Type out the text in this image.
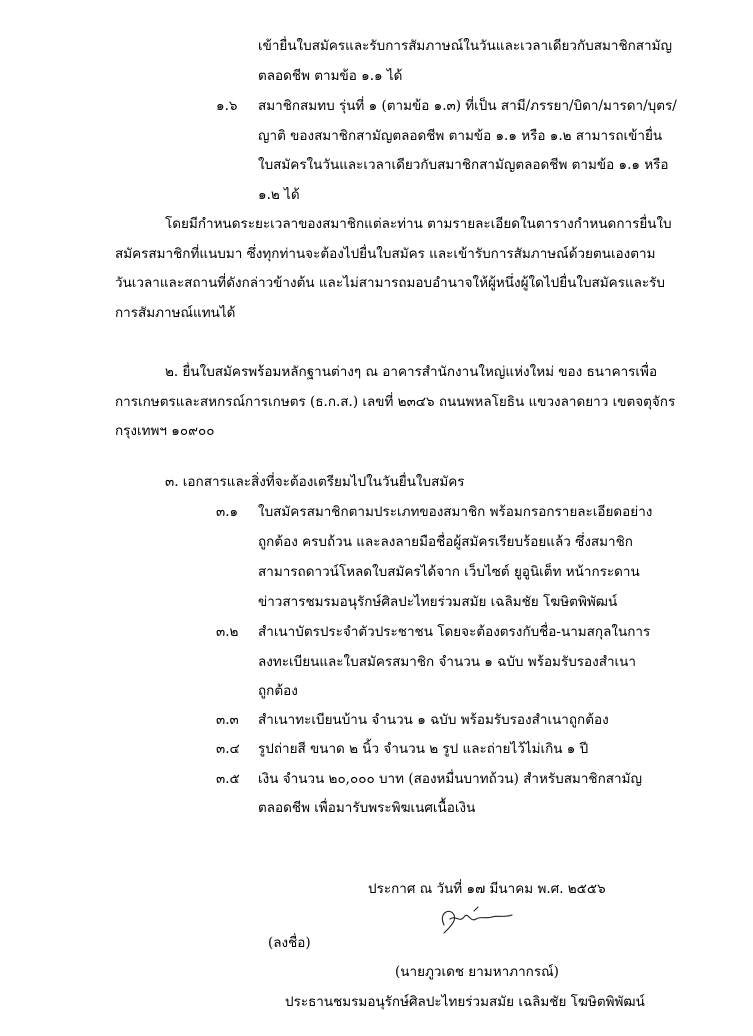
เข้ายื่นใบสมัครและรับการสัมภาษณ์ในวันและเวลาเดียวกับสมาชิกสามัญ
ตลอดชีพ ตามข้อ ๑.๑ ได้
๑.๖ สมาชิกสมทบ รุ่นที่ ๑ (ตามข้อ ๑.๓) ที่เป็น สามี/ภรรยา/บิดา/มารดา/บุตร/
ญาติ ของสมาชิกสามัญตลอดชีพ ตามข้อ ๑.๑ หรือ ๑.๒ สามารถเข้ายื่น
ใบสมัครในวันและเวลาเดียวกับสมาชิกสามัญตลอดชีพ ตามข้อ ๑.๑ หรือ
๑.๒ ได้
โดยมีกำหนดระยะเวลาของสมาชิกแต่ละท่าน ตามรายละเอียดในตารางกำหนดการยื่นใบ
สมัครสมาชิกที่แนบมา ซึ่งทุกท่านจะต้องไปยื่นใบสมัคร และเข้ารับการสัมภาษณ์ด้วยตนเองตาม
วันเวลาและสถานที่ดังกล่าวข้างต้น และไม่สามารถมอบอำนาจให้ผู้หนึ่งผู้ใดไปยื่นใบสมัครและรับ
การสัมภาษณ์แทนได้
๒. ยื่นใบสมัครพร้อมหลักฐานต่างๆ ณ อาคารสำนักงานใหญ่แห่งใหม่ ของ ธนาคารเพื่อ
การเกษตรและสหกรณ์การเกษตร (ธ.ก.ส.) เลขที่ ๒๓๔๖ ถนนพหลโยธิน แขวงลาดยาว เขตจตุจักร
กรุงเทพฯ ๑๐๙๐๐
๓. เอกสารและสิ่งที่จะต้องเตรียมไปในวันยื่นใบสมัคร
๓.๑ ใบสมัครสมาชิกตามประเภทของสมาชิก พร้อมกรอกรายละเอียดอย่าง
ถูกต้อง ครบถ้วน และลงลายมือชื่อผู้สมัครเรียบร้อยแล้ว ซึ่งสมาชิก
สามารถดาวน์โหลดใบสมัครได้จาก เว็บไซต์ ยูอูนิเต็ท หน้ากระดาน
ข่าวสารชมรมอนุรักษ์ศิลปะไทยร่วมสมัย เฉลิมชัย โฆษิตพิพัฒน์
๓.๒ สำเนาบัตรประจำตัวประชาชน โดยจะต้องตรงกับชื่อ-นามสกุลในการ
ลงทะเบียนและใบสมัครสมาชิก จำนวน ๑ ฉบับ พร้อมรับรองสำเนา
ถูกต้อง
๓.๓ สำเนาทะเบียนบ้าน จำนวน ๑ ฉบับ พร้อมรับรองสำเนาถูกต้อง
๓.๔ รูปถ่ายสี ขนาด ๒ นิ้ว จำนวน ๒ รูป และถ่ายไว้ไม่เกิน ๑ ปี
๓.๕ เงิน จำนวน ๒๐,๐๐๐ บาท (สองหมื่นบาทถ้วน) สำหรับสมาชิกสามัญ
ตลอดชีพ เพื่อมารับพระพิฆเนศเนื้อเงิน
ประกาศ ณ วันที่ ๑๗ มีนาคม พ.ศ. ๒๕๕๖
(ลงชื่อ)
(นายภูวเดช ยามหาภากรณ์)
ประธานชมรมอนุรักษ์ศิลปะไทยร่วมสมัย เฉลิมชัย โฆษิตพิพัฒน์
